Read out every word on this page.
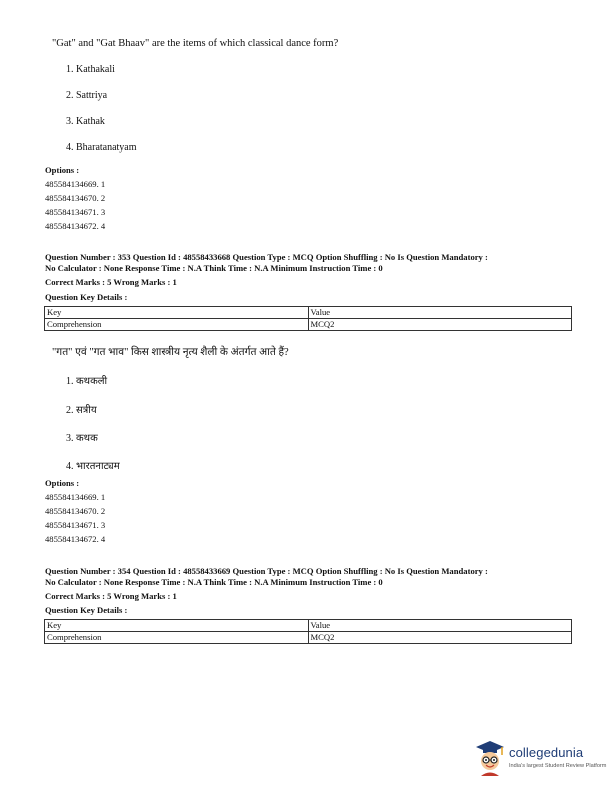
"Gat" and "Gat Bhaav" are the items of which classical dance form?
1. Kathakali
2. Sattriya
3. Kathak
4. Bharatanatyam
Options :
485584134669. 1
485584134670. 2
485584134671. 3
485584134672. 4
Question Number : 353 Question Id : 48558433668 Question Type : MCQ Option Shuffling : No Is Question Mandatory :
No Calculator : None Response Time : N.A Think Time : N.A Minimum Instruction Time : 0
Correct Marks : 5 Wrong Marks : 1
Question Key Details :
Key	Value
Comprehension	MCQ2
"गत" एवं "गत भाव" किस शास्त्रीय नृत्य शैली के अंतर्गत आते हैं?
1. कथकली
2. सत्रीय
3. कथक
4. भारतनाट्यम
Options :
485584134669. 1
485584134670. 2
485584134671. 3
485584134672. 4
Question Number : 354 Question Id : 48558433669 Question Type : MCQ Option Shuffling : No Is Question Mandatory :
No Calculator : None Response Time : N.A Think Time : N.A Minimum Instruction Time : 0
Correct Marks : 5 Wrong Marks : 1
Question Key Details :
Key	Value
Comprehension	MCQ2
collegedunia
India's largest Student Review Platform
